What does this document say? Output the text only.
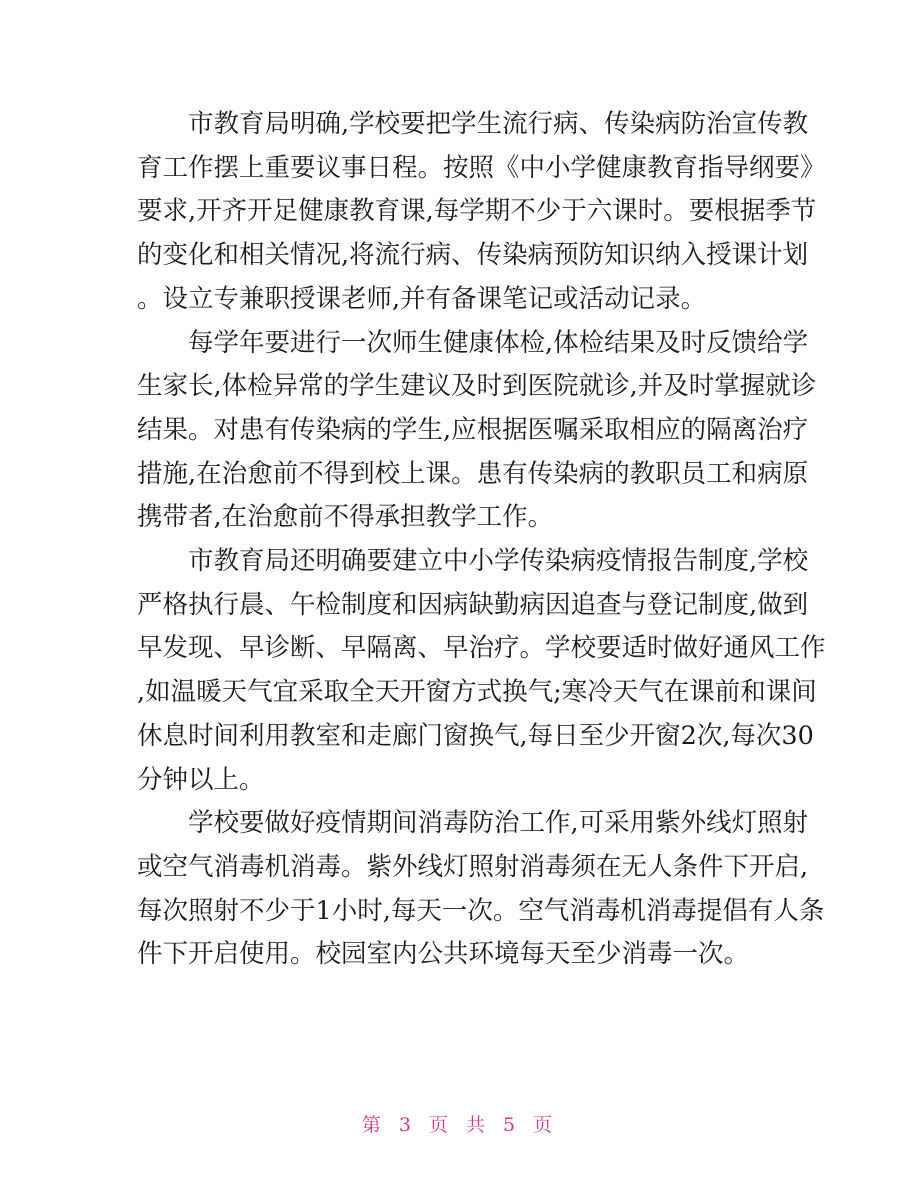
市教育局明确,学校要把学生流行病、传染病防治宣传教
育工作摆上重要议事日程。按照《中小学健康教育指导纲要》
要求,开齐开足健康教育课,每学期不少于六课时。要根据季节
的变化和相关情况,将流行病、传染病预防知识纳入授课计划
。设立专兼职授课老师,并有备课笔记或活动记录。
每学年要进行一次师生健康体检,体检结果及时反馈给学
生家长,体检异常的学生建议及时到医院就诊,并及时掌握就诊
结果。对患有传染病的学生,应根据医嘱采取相应的隔离治疗
措施,在治愈前不得到校上课。患有传染病的教职员工和病原
携带者,在治愈前不得承担教学工作。
市教育局还明确要建立中小学传染病疫情报告制度,学校
严格执行晨、午检制度和因病缺勤病因追查与登记制度,做到
早发现、早诊断、早隔离、早治疗。学校要适时做好通风工作
,如温暖天气宜采取全天开窗方式换气;寒冷天气在课前和课间
休息时间利用教室和走廊门窗换气,每日至少开窗2次,每次30
分钟以上。
学校要做好疫情期间消毒防治工作,可采用紫外线灯照射
或空气消毒机消毒。紫外线灯照射消毒须在无人条件下开启,
每次照射不少于1小时,每天一次。空气消毒机消毒提倡有人条
件下开启使用。校园室内公共环境每天至少消毒一次。
第 3 页 共 5 页
